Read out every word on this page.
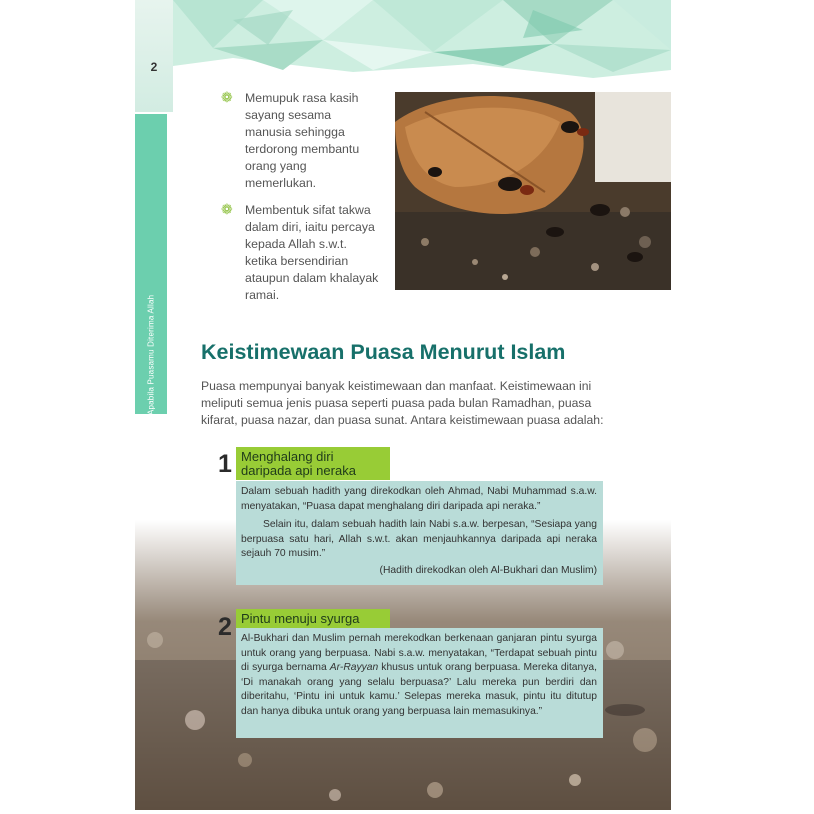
2
Bahagianya Apabila Puasamu Diterima Allah
❁ Memupuk rasa kasih sayang sesama manusia sehingga terdorong membantu orang yang memerlukan.
❁ Membentuk sifat takwa dalam diri, iaitu percaya kepada Allah s.w.t. ketika bersendirian ataupun dalam khalayak ramai.
Keistimewaan Puasa Menurut Islam
Puasa mempunyai banyak keistimewaan dan manfaat. Keistimewaan ini meliputi semua jenis puasa seperti puasa pada bulan Ramadhan, puasa kifarat, puasa nazar, dan puasa sunat. Antara keistimewaan puasa adalah:
1 Menghalang diri
daripada api neraka

Dalam sebuah hadith yang direkodkan oleh Ahmad, Nabi Muhammad s.a.w. menyatakan, “Puasa dapat menghalang diri daripada api neraka.”

Selain itu, dalam sebuah hadith lain Nabi s.a.w. berpesan, “Sesiapa yang berpuasa satu hari, Allah s.w.t. akan menjauhkannya daripada api neraka sejauh 70 musim.”

(Hadith direkodkan oleh Al-Bukhari dan Muslim)

2 Pintu menuju syurga

Al-Bukhari dan Muslim pernah merekodkan berkenaan ganjaran pintu syurga untuk orang yang berpuasa. Nabi s.a.w. menyatakan, “Terdapat sebuah pintu di syurga bernama Ar-Rayyan khusus untuk orang berpuasa. Mereka ditanya, ‘Di manakah orang yang selalu berpuasa?’ Lalu mereka pun berdiri dan diberitahu, ‘Pintu ini untuk kamu.’ Selepas mereka masuk, pintu itu ditutup dan hanya dibuka untuk orang yang berpuasa lain memasukinya.”
